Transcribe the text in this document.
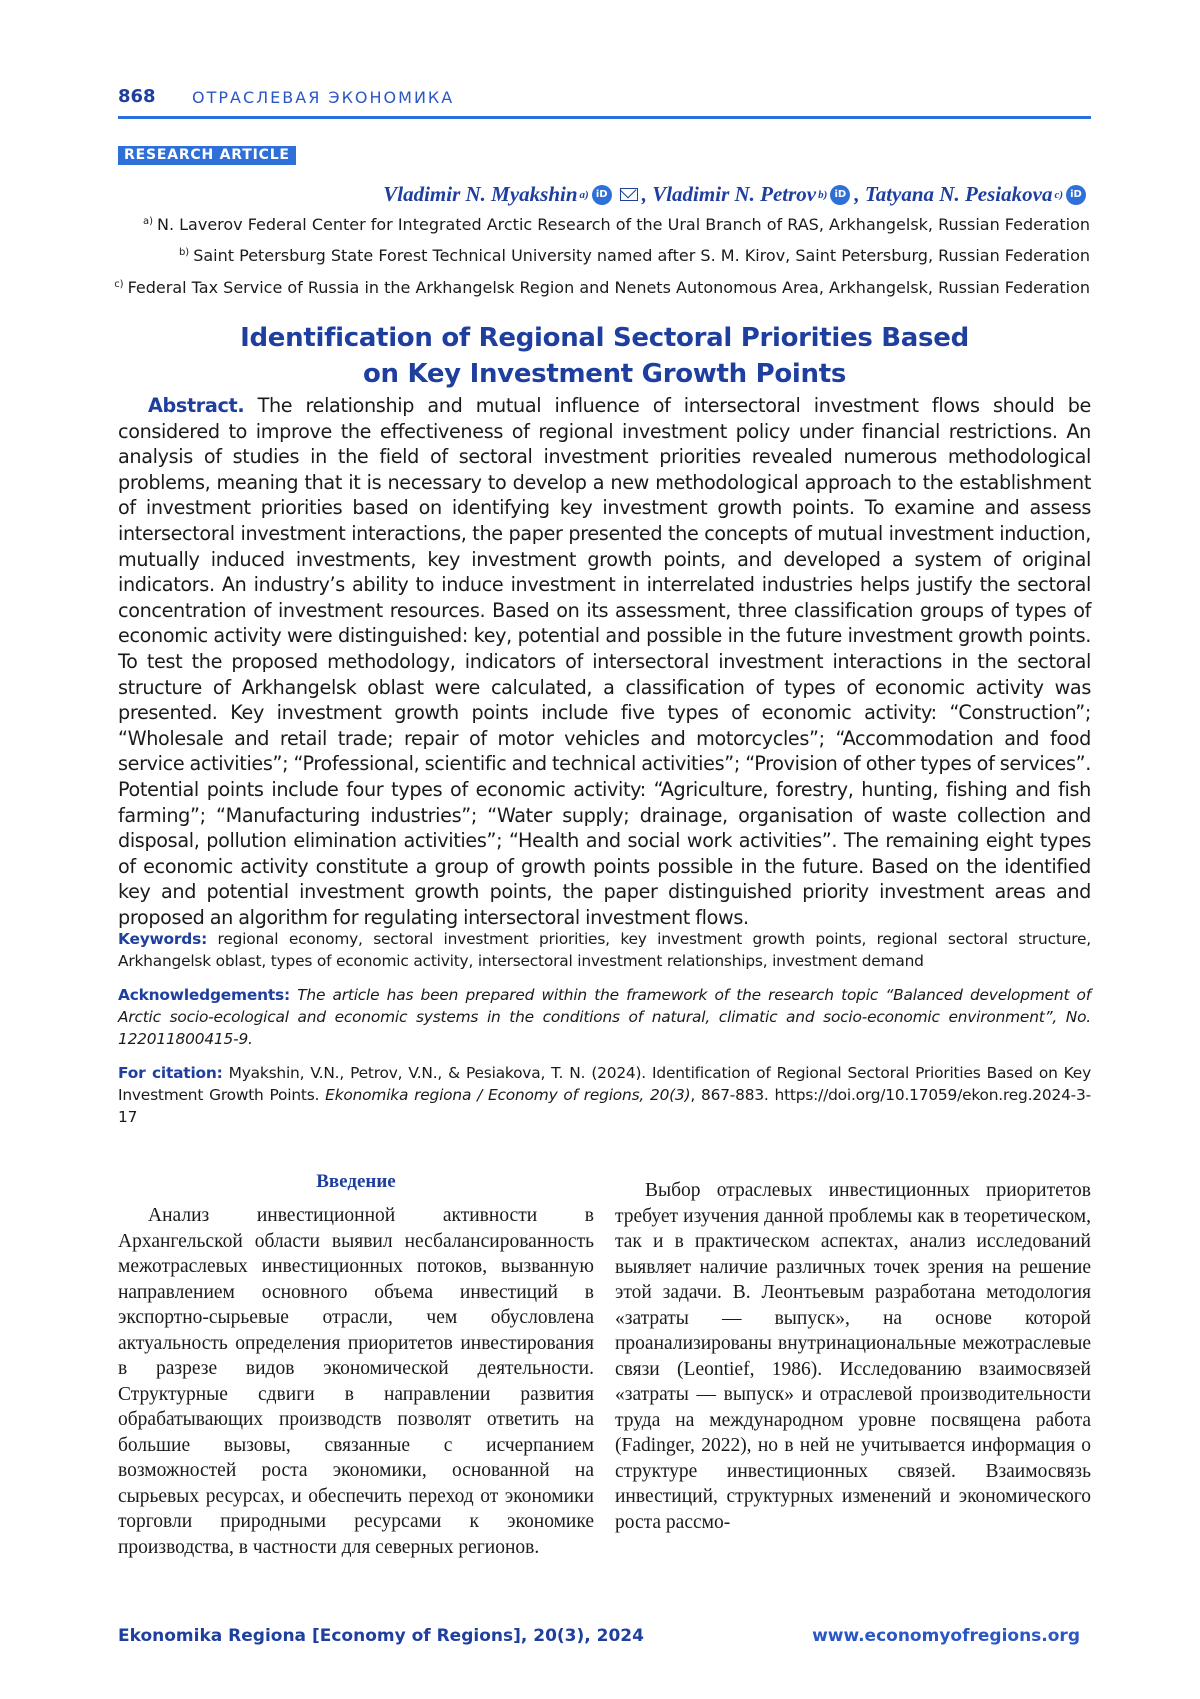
868 ОТРАСЛЕВАЯ ЭКОНОМИКА
RESEARCH ARTICLE
Vladimir N. Myakshin a) iD ,
Vladimir N. Petrov b) iD ,
Tatyana N. Pesiakova c) iD
$^{a)}$ N. Laverov Federal Center for Integrated Arctic Research of the Ural Branch of RAS, Arkhangelsk, Russian Federation
$^{b)}$ Saint Petersburg State Forest Technical University named after S. M. Kirov, Saint Petersburg, Russian Federation
$^{c)}$ Federal Tax Service of Russia in the Arkhangelsk Region and Nenets Autonomous Area, Arkhangelsk, Russian Federation
Identification of Regional Sectoral Priorities Based
on Key Investment Growth Points
Abstract. The relationship and mutual influence of intersectoral investment flows should be considered to improve the effectiveness of regional investment policy under financial restrictions. An analysis of studies in the field of sectoral investment priorities revealed numerous methodological problems, meaning that it is necessary to develop a new methodological approach to the establishment of investment priorities based on identifying key investment growth points. To examine and assess intersectoral investment interactions, the paper presented the concepts of mutual investment induction, mutually induced investments, key investment growth points, and developed a system of original indicators. An industry’s ability to induce investment in interrelated industries helps justify the sectoral concentration of investment resources. Based on its assessment, three classification groups of types of economic activity were distinguished: key, potential and possible in the future investment growth points. To test the proposed methodology, indicators of intersectoral investment interactions in the sectoral structure of Arkhangelsk oblast were calculated, a classification of types of economic activity was presented. Key investment growth points include five types of economic activity: “Construction”; “Wholesale and retail trade; repair of motor vehicles and motorcycles”; “Accommodation and food service activities”; “Professional, scientific and technical activities”; “Provision of other types of services”. Potential points include four types of economic activity: “Agriculture, forestry, hunting, fishing and fish farming”; “Manufacturing industries”; “Water supply; drainage, organisation of waste collection and disposal, pollution elimination activities”; “Health and social work activities”. The remaining eight types of economic activity constitute a group of growth points possible in the future. Based on the identified key and potential investment growth points, the paper distinguished priority investment areas and proposed an algorithm for regulating intersectoral investment flows.
Keywords: regional economy, sectoral investment priorities, key investment growth points, regional sectoral structure, Arkhangelsk oblast, types of economic activity, intersectoral investment relationships, investment demand
Acknowledgements: The article has been prepared within the framework of the research topic “Balanced development of Arctic socio-ecological and economic systems in the conditions of natural, climatic and socio-economic environment”, No. 122011800415-9.
For citation: Myakshin, V.N., Petrov, V.N., & Pesiakova, T. N. (2024). Identification of Regional Sectoral Priorities Based on Key Investment Growth Points. Ekonomika regiona / Economy of regions, 20(3), 867-883. https://doi.org/10.17059/ekon.reg.2024-3-17
Введение
Анализ инвестиционной активности в Архангельской области выявил несбалансированность межотраслевых инвестиционных потоков, вызванную направлением основного объема инвестиций в экспортно-сырьевые отрасли, чем обусловлена актуальность определения приоритетов инвестирования в разрезе видов экономической деятельности. Структурные сдвиги в направлении развития обрабатывающих производств позволят ответить на большие вызовы, связанные с исчерпанием возможностей роста экономики, основанной на сырьевых ресурсах, и обеспечить переход от экономики торговли природными ресурсами к экономике производства, в частности для северных регионов.
Выбор отраслевых инвестиционных приоритетов требует изучения данной проблемы как в теоретическом, так и в практическом аспектах, анализ исследований выявляет наличие различных точек зрения на решение этой задачи. В. Леонтьевым разработана методология «затраты — выпуск», на основе которой проанализированы внутринациональные межотраслевые связи (Leontief, 1986). Исследованию взаимосвязей «затраты — выпуск» и отраслевой производительности труда на международном уровне посвящена работа (Fadinger, 2022), но в ней не учитывается информация о структуре инвестиционных связей. Взаимосвязь инвестиций, структурных изменений и экономического роста рассмо-
Ekonomika Regiona [Economy of Regions], 20(3), 2024	www.economyofregions.org
